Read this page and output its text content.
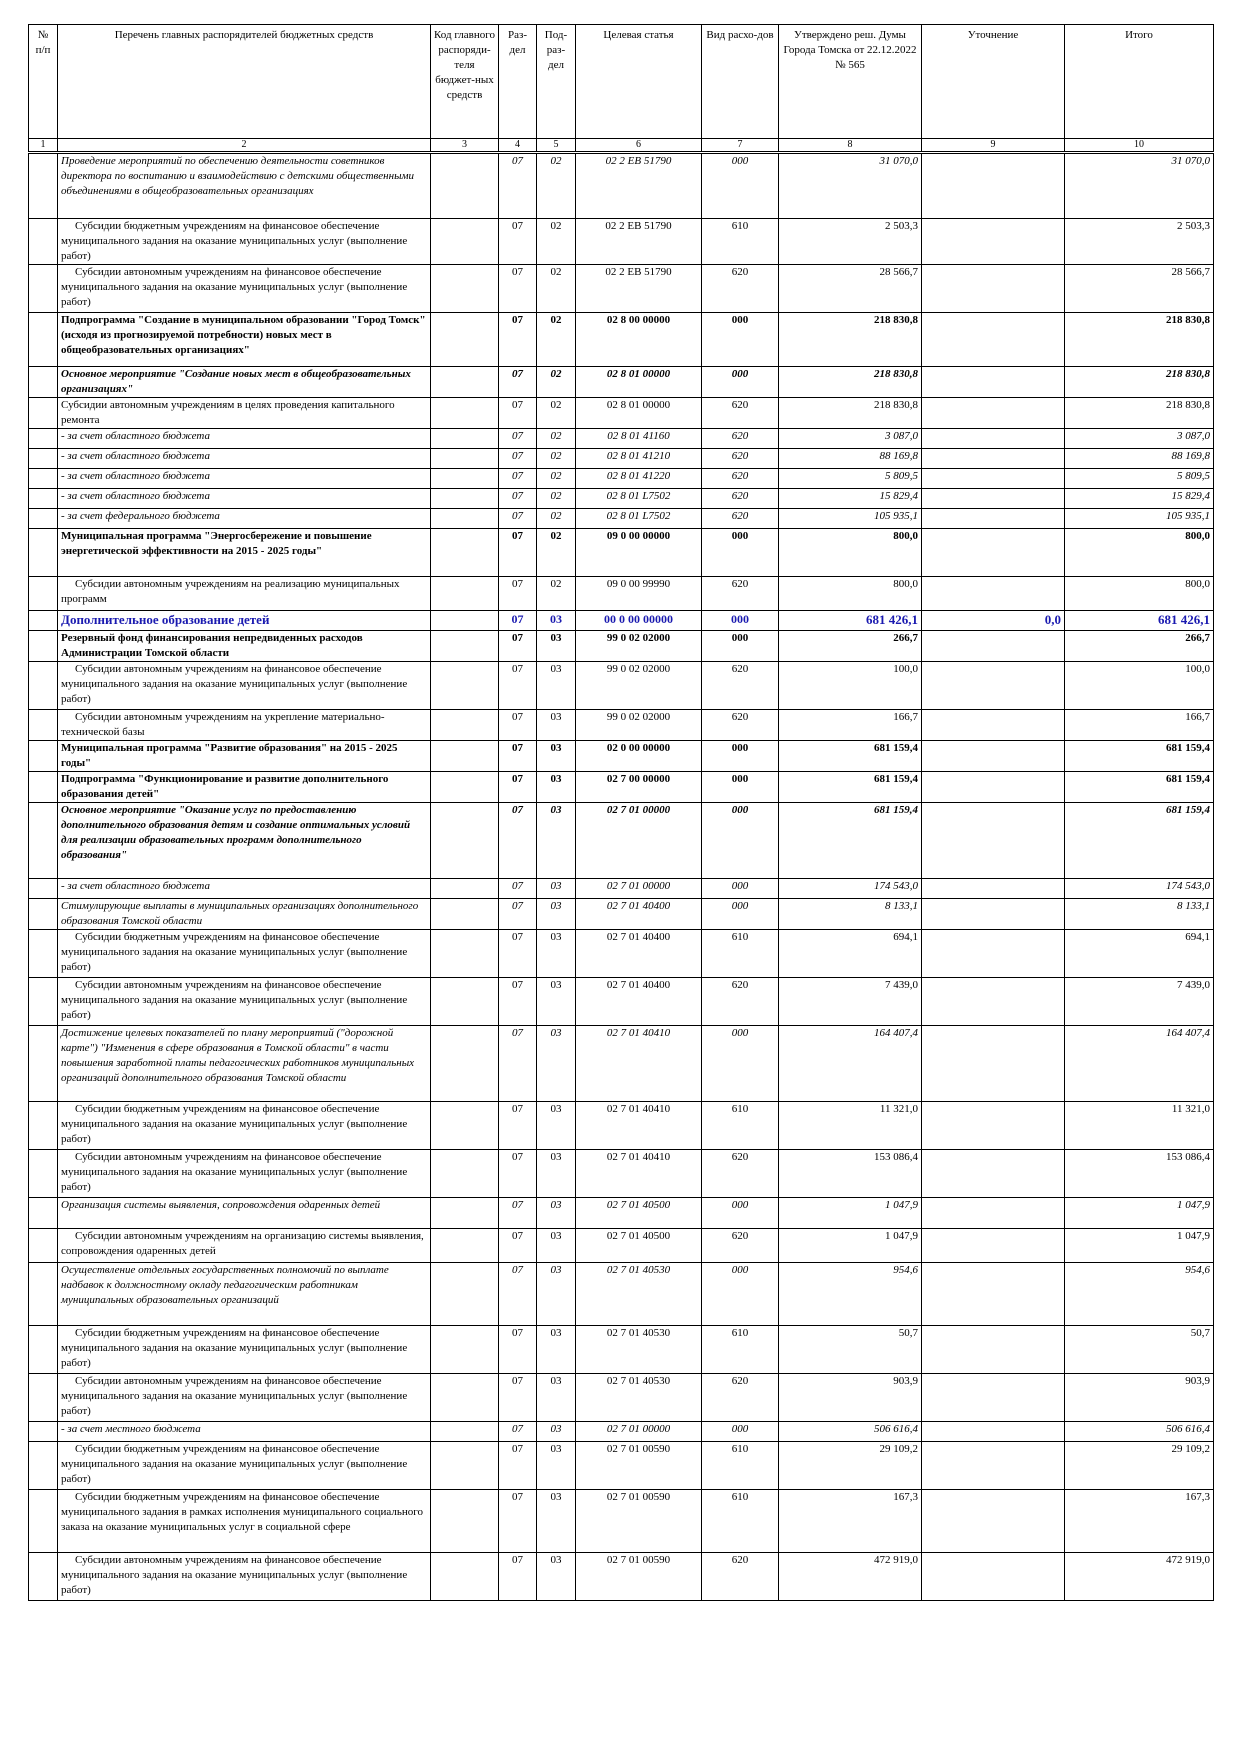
№ п/п	Перечень главных распорядителей бюджетных средств	Код главного распоряди-теля бюджет-ных средств	Раз-дел	Под-раз-дел	Целевая статья	Вид расхо-дов	Утверждено реш. Думы Города Томска от 22.12.2022 № 565	Уточнение	Итого
1	2	3	4	5	6	7	8	9	10
	Проведение мероприятий по обеспечению деятельности советников директора по воспитанию и взаимодействию с детскими общественными объединениями в общеобразовательных организациях		07	02	02 2 EB 51790	000	31 070,0		31 070,0
	Субсидии бюджетным учреждениям на финансовое обеспечение муниципального задания на оказание муниципальных услуг (выполнение работ)		07	02	02 2 EB 51790	610	2 503,3		2 503,3
	Субсидии автономным учреждениям на финансовое обеспечение муниципального задания на оказание муниципальных услуг (выполнение работ)		07	02	02 2 EB 51790	620	28 566,7		28 566,7
	Подпрограмма "Создание в муниципальном образовании "Город Томск" (исходя из прогнозируемой потребности) новых мест в общеобразовательных организациях"		07	02	02 8 00 00000	000	218 830,8		218 830,8
	Основное мероприятие "Создание новых мест в общеобразовательных организациях"		07	02	02 8 01 00000	000	218 830,8		218 830,8
	Субсидии автономным учреждениям в целях проведения капитального ремонта		07	02	02 8 01 00000	620	218 830,8		218 830,8
	- за счет областного бюджета		07	02	02 8 01 41160	620	3 087,0		3 087,0
	- за счет областного бюджета		07	02	02 8 01 41210	620	88 169,8		88 169,8
	- за счет областного бюджета		07	02	02 8 01 41220	620	5 809,5		5 809,5
	- за счет областного бюджета		07	02	02 8 01 L7502	620	15 829,4		15 829,4
	- за счет федерального бюджета		07	02	02 8 01 L7502	620	105 935,1		105 935,1
	Муниципальная программа "Энергосбережение и повышение энергетической эффективности на 2015 - 2025 годы"		07	02	09 0 00 00000	000	800,0		800,0
	Субсидии автономным учреждениям на реализацию муниципальных программ		07	02	09 0 00 99990	620	800,0		800,0
	Дополнительное образование детей		07	03	00 0 00 00000	000	681 426,1	0,0	681 426,1
	Резервный фонд финансирования непредвиденных расходов Администрации Томской области		07	03	99 0 02 02000	000	266,7		266,7
	Субсидии автономным учреждениям на финансовое обеспечение муниципального задания на оказание муниципальных услуг (выполнение работ)		07	03	99 0 02 02000	620	100,0		100,0
	Субсидии автономным учреждениям на укрепление материально-технической базы		07	03	99 0 02 02000	620	166,7		166,7
	Муниципальная программа "Развитие образования" на 2015 - 2025 годы"		07	03	02 0 00 00000	000	681 159,4		681 159,4
	Подпрограмма "Функционирование и развитие дополнительного образования детей"		07	03	02 7 00 00000	000	681 159,4		681 159,4
	Основное мероприятие "Оказание услуг по предоставлению дополнительного образования детям и создание оптимальных условий для реализации образовательных программ дополнительного образования"		07	03	02 7 01 00000	000	681 159,4		681 159,4
	- за счет областного бюджета		07	03	02 7 01 00000	000	174 543,0		174 543,0
	Стимулирующие выплаты в муниципальных организациях дополнительного образования Томской области		07	03	02 7 01 40400	000	8 133,1		8 133,1
	Субсидии бюджетным учреждениям на финансовое обеспечение муниципального задания на оказание муниципальных услуг (выполнение работ)		07	03	02 7 01 40400	610	694,1		694,1
	Субсидии автономным учреждениям на финансовое обеспечение муниципального задания на оказание муниципальных услуг (выполнение работ)		07	03	02 7 01 40400	620	7 439,0		7 439,0
	Достижение целевых показателей по плану мероприятий ("дорожной карте") "Изменения в сфере образования в Томской области" в части повышения заработной платы педагогических работников муниципальных организаций дополнительного образования Томской области		07	03	02 7 01 40410	000	164 407,4		164 407,4
	Субсидии бюджетным учреждениям на финансовое обеспечение муниципального задания на оказание муниципальных услуг (выполнение работ)		07	03	02 7 01 40410	610	11 321,0		11 321,0
	Субсидии автономным учреждениям на финансовое обеспечение муниципального задания на оказание муниципальных услуг (выполнение работ)		07	03	02 7 01 40410	620	153 086,4		153 086,4
	Организация системы выявления, сопровождения одаренных детей		07	03	02 7 01 40500	000	1 047,9		1 047,9
	Субсидии автономным учреждениям на организацию системы выявления, сопровождения одаренных детей		07	03	02 7 01 40500	620	1 047,9		1 047,9
	Осуществление отдельных государственных полномочий по выплате надбавок к должностному окладу педагогическим работникам муниципальных образовательных организаций		07	03	02 7 01 40530	000	954,6		954,6
	Субсидии бюджетным учреждениям на финансовое обеспечение муниципального задания на оказание муниципальных услуг (выполнение работ)		07	03	02 7 01 40530	610	50,7		50,7
	Субсидии автономным учреждениям на финансовое обеспечение муниципального задания на оказание муниципальных услуг (выполнение работ)		07	03	02 7 01 40530	620	903,9		903,9
	- за счет местного бюджета		07	03	02 7 01 00000	000	506 616,4		506 616,4
	Субсидии бюджетным учреждениям на финансовое обеспечение муниципального задания на оказание муниципальных услуг (выполнение работ)		07	03	02 7 01 00590	610	29 109,2		29 109,2
	Субсидии бюджетным учреждениям на финансовое обеспечение муниципального задания в рамках исполнения муниципального социального заказа на оказание муниципальных услуг в социальной сфере		07	03	02 7 01 00590	610	167,3		167,3
	Субсидии автономным учреждениям на финансовое обеспечение муниципального задания на оказание муниципальных услуг (выполнение работ)		07	03	02 7 01 00590	620	472 919,0		472 919,0
